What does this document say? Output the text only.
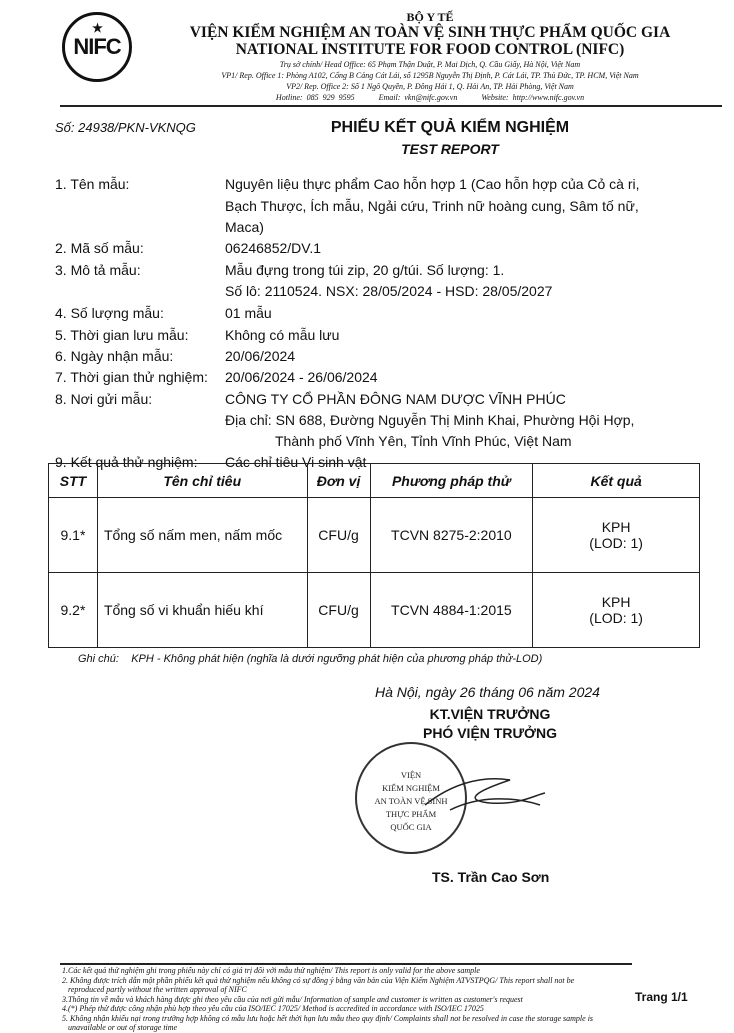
★
NIFC
BỘ Y TẾ
VIỆN KIỂM NGHIỆM AN TOÀN VỆ SINH THỰC PHẨM QUỐC GIA
NATIONAL INSTITUTE FOR FOOD CONTROL (NIFC)
Trụ sở chính/ Head Office: 65 Phạm Thận Duật, P. Mai Dịch, Q. Cầu Giấy, Hà Nội, Việt Nam
VP1/ Rep. Office 1: Phòng A102, Cổng B Cảng Cát Lái, số 1295B Nguyễn Thị Định, P. Cát Lái, TP. Thủ Đức, TP. HCM, Việt Nam
VP2/ Rep. Office 2: Số 1 Ngô Quyền, P. Đông Hải 1, Q. Hải An, TP. Hải Phòng, Việt Nam
Hotline: 085 929 9595	Email: vkn@nifc.gov.vn	Website: http://www.nifc.gov.vn
Số: 24938/PKN-VKNQG	PHIẾU KẾT QUẢ KIỂM NGHIỆM
TEST REPORT
1. Tên mẫu:	Nguyên liệu thực phẩm Cao hỗn hợp 1 (Cao hỗn hợp của Cỏ cà ri,
Bạch Thược, Ích mẫu, Ngải cứu, Trinh nữ hoàng cung, Sâm tố nữ,
Maca)
2. Mã số mẫu:	06246852/DV.1
3. Mô tả mẫu:	Mẫu đựng trong túi zip, 20 g/túi. Số lượng: 1.
Số lô: 2110524. NSX: 28/05/2024 - HSD: 28/05/2027
4. Số lượng mẫu:	01 mẫu
5. Thời gian lưu mẫu:	Không có mẫu lưu
6. Ngày nhận mẫu:	20/06/2024
7. Thời gian thử nghiệm: 20/06/2024 - 26/06/2024
8. Nơi gửi mẫu:	CÔNG TY CỔ PHẦN ĐÔNG NAM DƯỢC VĨNH PHÚC
Địa chỉ: SN 688, Đường Nguyễn Thị Minh Khai, Phường Hội Hợp,
Thành phố Vĩnh Yên, Tỉnh Vĩnh Phúc, Việt Nam
9. Kết quả thử nghiệm: Các chỉ tiêu Vi sinh vật
STT	Tên chỉ tiêu	Đơn vị	Phương pháp thử	Kết quả
9.1*	Tổng số nấm men, nấm mốc	CFU/g	TCVN 8275-2:2010	KPH
(LOD: 1)

9.2*	Tổng số vi khuẩn hiếu khí	CFU/g	TCVN 4884-1:2015	KPH
(LOD: 1)
Ghi chú: KPH - Không phát hiện (nghĩa là dưới ngưỡng phát hiện của phương pháp thử-LOD)
Hà Nội, ngày 26 tháng 06 năm 2024
KT.VIỆN TRƯỞNG
PHÓ VIỆN TRƯỞNG
VIỆN
KIỂM NGHIỆM
AN TOÀN VỆ SINH
THỰC PHẨM
QUỐC GIA
TS. Trần Cao Sơn
1.Các kết quả thử nghiệm ghi trong phiếu này chỉ có giá trị đối với mẫu thử nghiệm/ This report is only valid for the above sample
2. Không được trích dẫn một phần phiếu kết quả thử nghiệm nếu không có sự đồng ý bằng văn bản của Viện Kiểm Nghiệm ATVSTPQG/ This report shall not be
reproduced partly without the written approval of NIFC
3.Thông tin về mẫu và khách hàng được ghi theo yêu cầu của nơi gửi mẫu/ Information of sample and customer is written as customer's request
4.(*) Phép thử được công nhận phù hợp theo yêu cầu của ISO/IEC 17025/ Method is accredited in accordance with ISO/IEC 17025
5. Không nhận khiếu nại trong trường hợp không có mẫu lưu hoặc hết thời hạn lưu mẫu theo quy định/ Complaints shall not be resolved in case the storage sample is
unavailable or out of storage time
Trang 1/1
